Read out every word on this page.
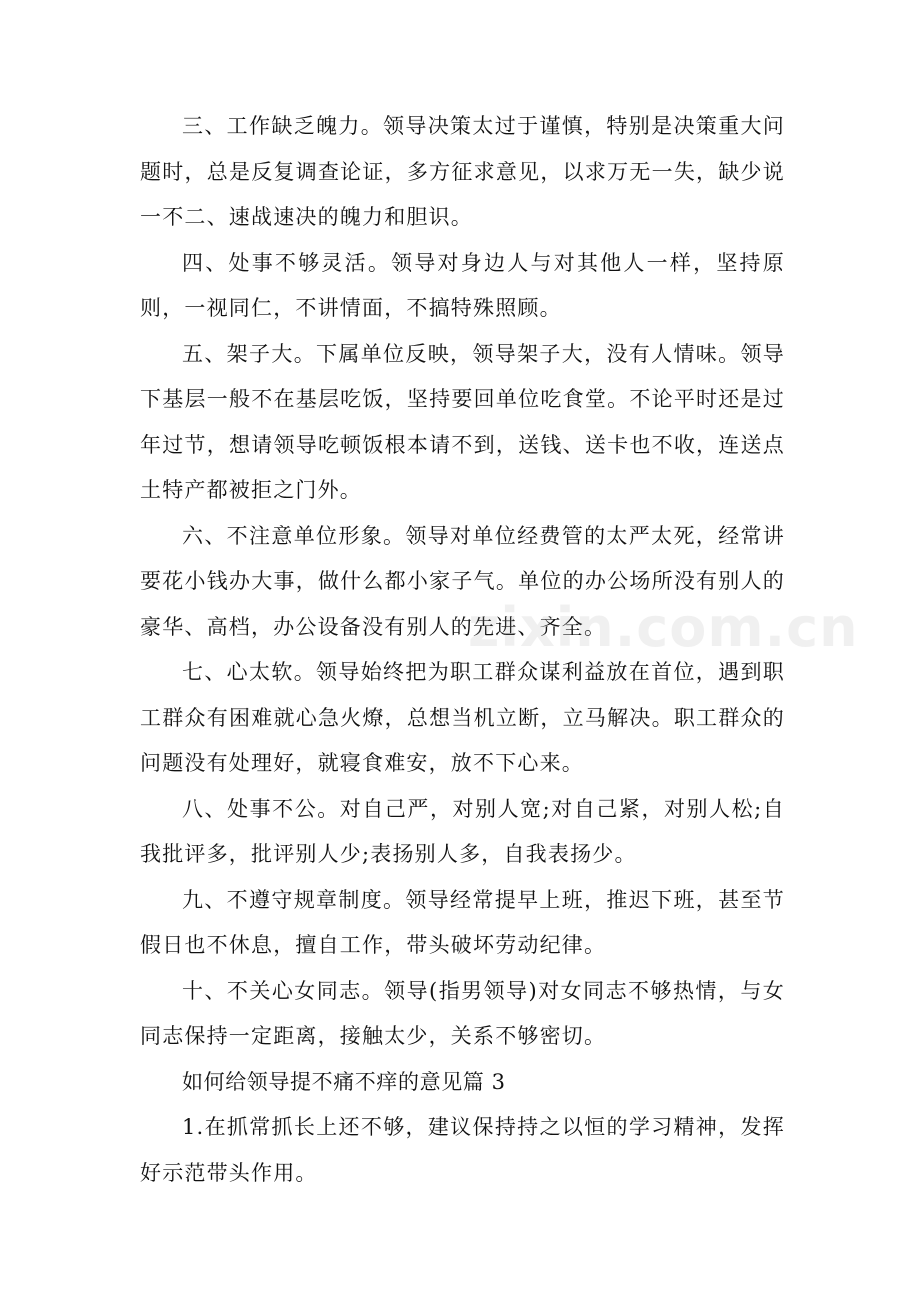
三、工作缺乏魄力。领导决策太过于谨慎，特别是决策重大问题时，总是反复调查论证，多方征求意见，以求万无一失，缺少说一不二、速战速决的魄力和胆识。

四、处事不够灵活。领导对身边人与对其他人一样，坚持原则，一视同仁，不讲情面，不搞特殊照顾。

五、架子大。下属单位反映，领导架子大，没有人情味。领导下基层一般不在基层吃饭，坚持要回单位吃食堂。不论平时还是过年过节，想请领导吃顿饭根本请不到，送钱、送卡也不收，连送点土特产都被拒之门外。

六、不注意单位形象。领导对单位经费管的太严太死，经常讲要花小钱办大事，做什么都小家子气。单位的办公场所没有别人的豪华、高档，办公设备没有别人的先进、齐全。

七、心太软。领导始终把为职工群众谋利益放在首位，遇到职工群众有困难就心急火燎，总想当机立断，立马解决。职工群众的问题没有处理好，就寝食难安，放不下心来。

八、处事不公。对自己严，对别人宽;对自己紧，对别人松;自我批评多，批评别人少;表扬别人多，自我表扬少。

九、不遵守规章制度。领导经常提早上班，推迟下班，甚至节假日也不休息，擅自工作，带头破坏劳动纪律。

十、不关心女同志。领导(指男领导)对女同志不够热情，与女同志保持一定距离，接触太少，关系不够密切。

如何给领导提不痛不痒的意见篇 3

1.在抓常抓长上还不够，建议保持持之以恒的学习精神，发挥好示范带头作用。

zixin.com.cn
